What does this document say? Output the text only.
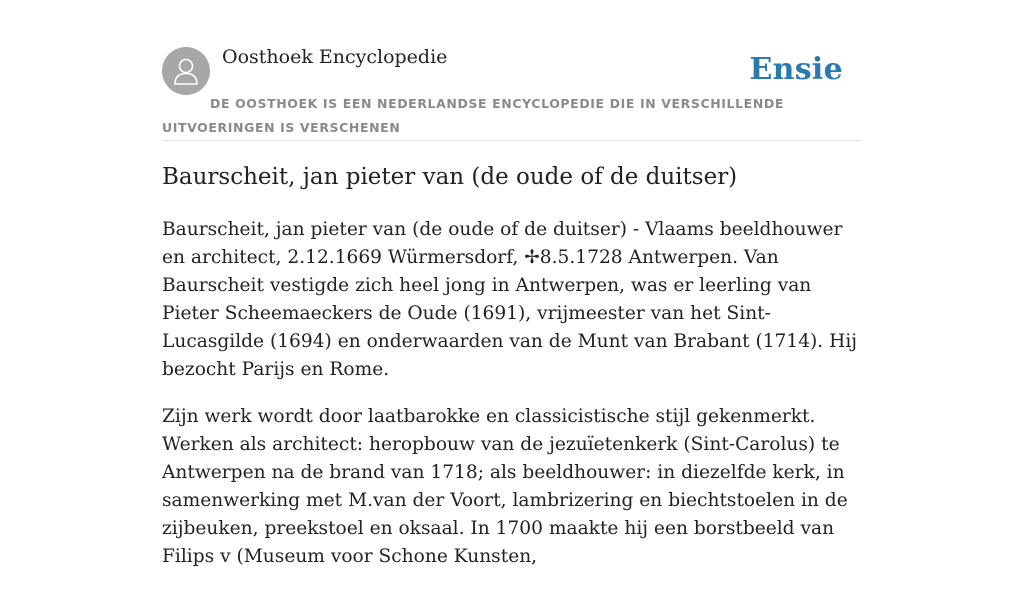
Oosthoek Encyclopedie	Ensie
DE OOSTHOEK IS EEN NEDERLANDSE ENCYCLOPEDIE DIE IN VERSCHILLENDE UITVOERINGEN IS VERSCHENEN
Baurscheit, jan pieter van (de oude of de duitser)

Baurscheit, jan pieter van (de oude of de duitser) - Vlaams beeldhouwer en architect, 2.12.1669 Würmersdorf, ✢8.5.1728 Antwerpen. Van Baurscheit vestigde zich heel jong in Antwerpen, was er leerling van Pieter Scheemaeckers de Oude (1691), vrijmeester van het Sint-Lucasgilde (1694) en onderwaarden van de Munt van Brabant (1714). Hij bezocht Parijs en Rome.

Zijn werk wordt door laatbarokke en classicistische stijl gekenmerkt. Werken als architect: heropbouw van de jezuïetenkerk (Sint-Carolus) te Antwerpen na de brand van 1718; als beeldhouwer: in diezelfde kerk, in samenwerking met M.van der Voort, lambrizering en biechtstoelen in de zijbeuken, preekstoel en oksaal. In 1700 maakte hij een borstbeeld van Filips v (Museum voor Schone Kunsten,
